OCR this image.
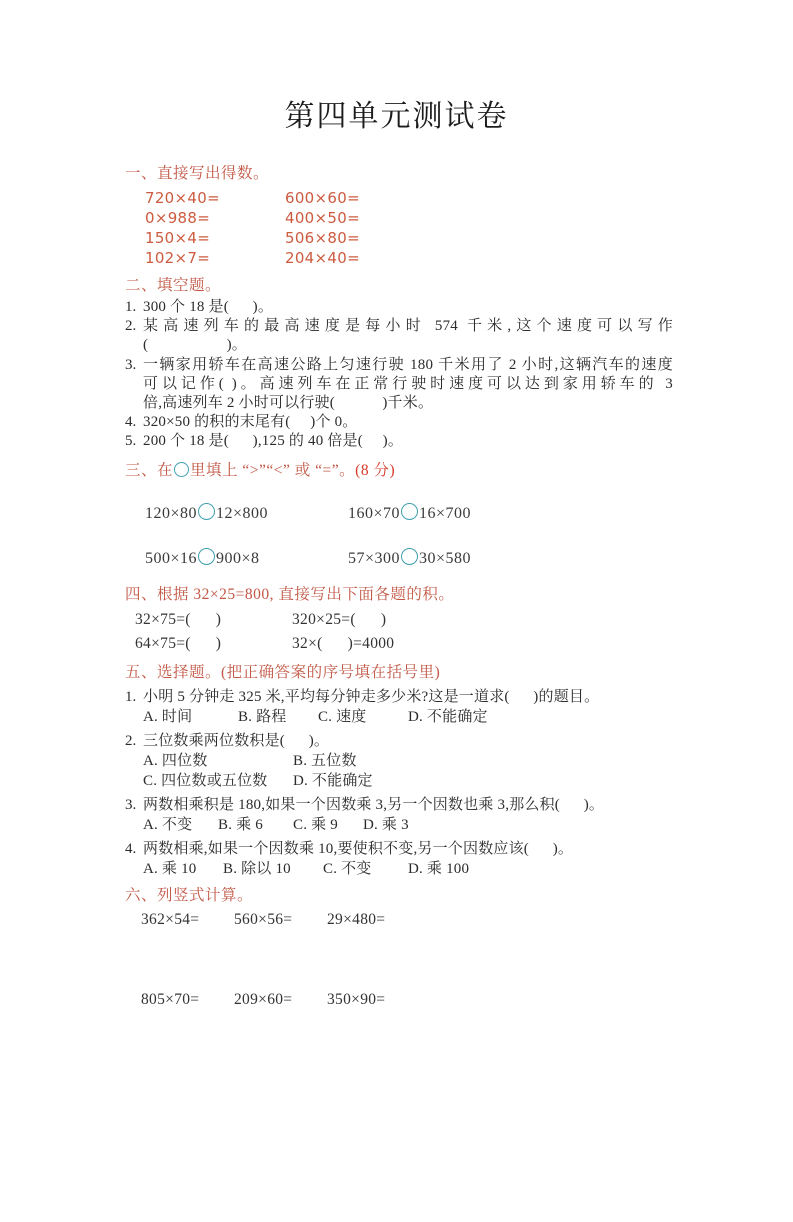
第四单元测试卷
一、直接写出得数。
720×40=	600×60=
0×988=	400×50=
150×4=	506×80=
102×7=	204×40=
二、填空题。
1. 300 个 18 是(      )。
2. 某高速列车的最高速度是每小时 574 千米,这个速度可以写作
(                　)。
3. 一辆家用轿车在高速公路上匀速行驶 180 千米用了 2 小时,这辆汽车的速度
可以记作( )。高速列车在正常行驶时速度可以达到家用轿车的 3
倍,高速列车 2 小时可以行驶(            )千米。
4. 320×50 的积的末尾有(     )个 0。
5. 200 个 18 是(      ),125 的 40 倍是(     )。
三、在 里填上 “>”“<” 或 “=”。(8 分)
120×80 12×800	160×70 16×700
500×16 900×8	57×300 30×580
四、根据 32×25=800, 直接写出下面各题的积。
32×75=(      )	320×25=(      )
64×75=(      )	32×(      )=4000
五、选择题。(把正确答案的序号填在括号里)
1. 小明 5 分钟走 325 米,平均每分钟走多少米?这是一道求(      )的题目。
A. 时间	B. 路程 C. 速度	D. 不能确定
2. 三位数乘两位数积是(      )。
A. 四位数	B. 五位数
C. 四位数或五位数 D. 不能确定
3. 两数相乘积是 180,如果一个因数乘 3,另一个因数也乘 3,那么积(      )。
A. 不变 B. 乘 6 C. 乘 9 D. 乘 3
4. 两数相乘,如果一个因数乘 10,要使积不变,另一个因数应该(      )。
A. 乘 10 B. 除以 10 C. 不变 D. 乘 100
六、列竖式计算。
362×54=	560×56=	29×480=
805×70=	209×60=	350×90=
